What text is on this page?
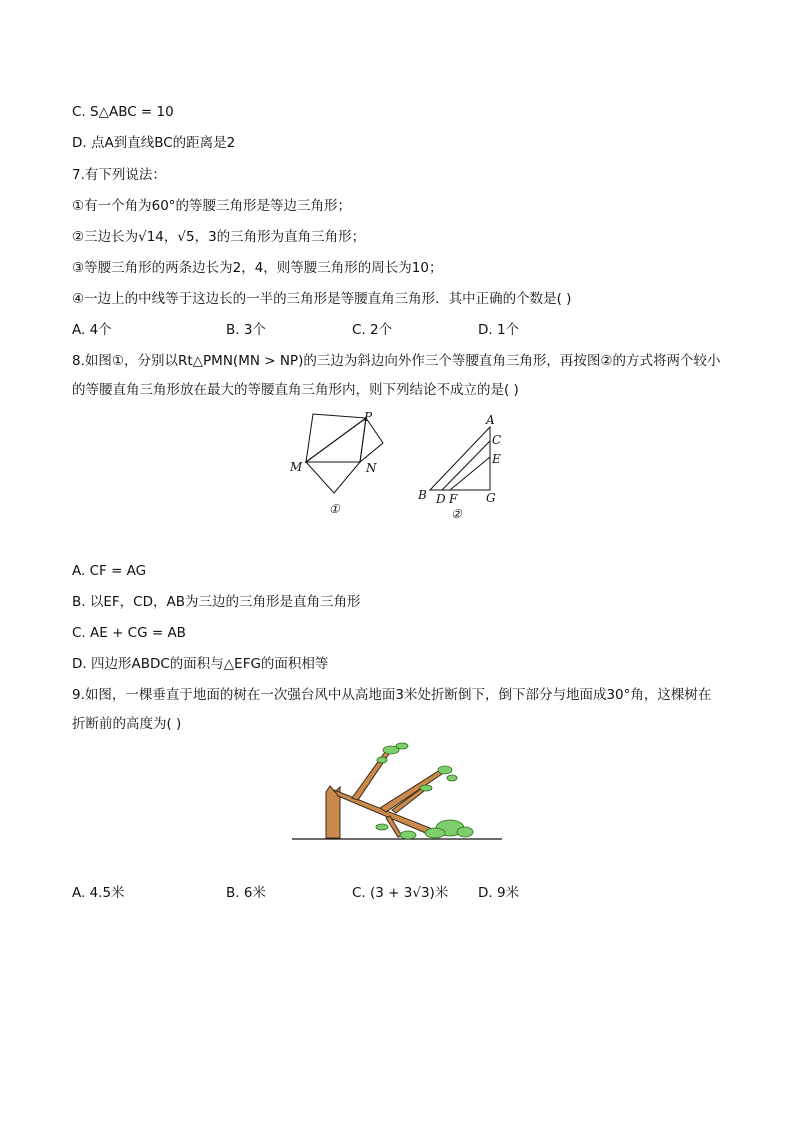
C. S△ABC = 10
D. 点A到直线BC的距离是2
7.有下列说法：
①有一个角为60°的等腰三角形是等边三角形；
②三边长为√14，√5，3的三角形为直角三角形；
③等腰三角形的两条边长为2，4，则等腰三角形的周长为10；
④一边上的中线等于这边长的一半的三角形是等腰直角三角形．其中正确的个数是( )
A. 4个	B. 3个	C. 2个	D. 1个
8.如图①，分别以Rt△PMN(MN > NP)的三边为斜边向外作三个等腰直角三角形，再按图②的方式将两个较小的等腰直角三角形放在最大的等腰直角三角形内，则下列结论不成立的是( )
P
M	N
①
A
C
E
B D F G
②
A. CF = AG
B. 以EF，CD，AB为三边的三角形是直角三角形
C. AE + CG = AB
D. 四边形ABDC的面积与△EFG的面积相等
9.如图，一棵垂直于地面的树在一次强台风中从高地面3米处折断倒下，倒下部分与地面成30°角，这棵树在折断前的高度为( )
A. 4.5米	B. 6米	C. (3 + 3√3)米 D. 9米
